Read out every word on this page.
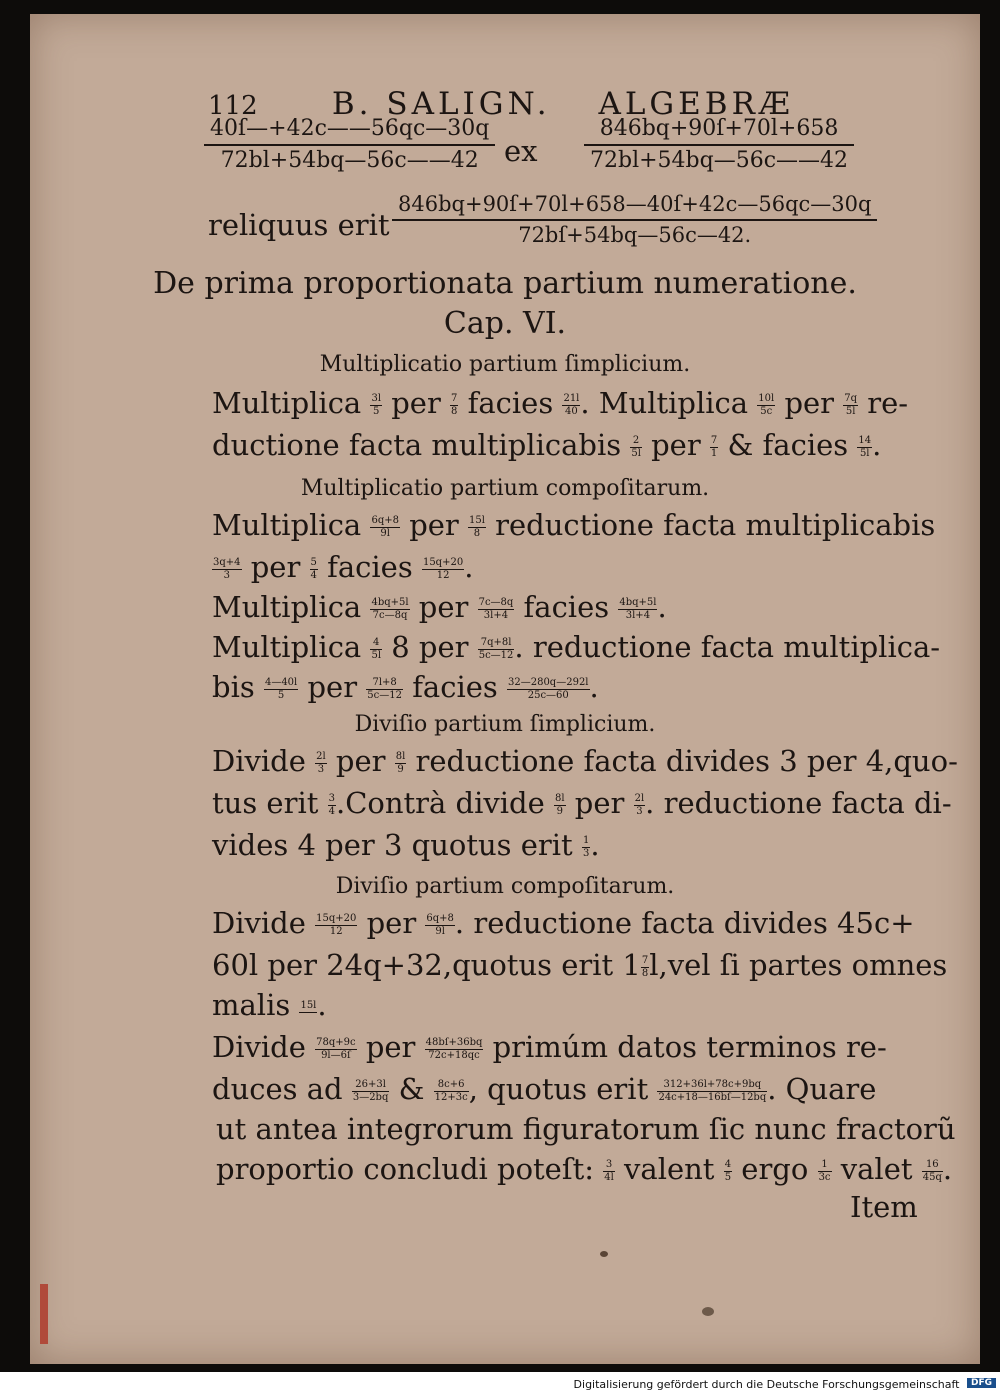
112 B. SALIGN. ALGEBRÆ
$\frac{40ſ—+42c——56qc—30q}{72bl+54bq—56c——42}$ ex $\frac{846bq+90ſ+70l+658}{72bl+54bq—56c——42}$
reliquus erit $\frac{846bq+90ſ+70l+658—40ſ+42c—56qc—30q}{72bſ+54bq—56c—42.}$
De prima proportionata partium numeratione.
Cap. VI.
Multiplicatio partium ſimplicium.
Multiplica $\frac{3l}{5}$ per $\frac{7}{8}$ facies $\frac{21l}{40}$ . Multiplica $\frac{10l}{5c}$ per $\frac{7q}{5l} re-$
ductione facta multiplicabis $\frac{2}{5l}$ per $\frac{7}{1}$ & facies $\frac{14}{5l}$ .
Multiplicatio partium compoſitarum.
Multiplica $\frac{6q+8}{9l}$ per $\frac{15l}{8}$ reductione facta multiplicabis
$\frac{3q+4}{3}$ per $\frac{5}{4}$ facies $\frac{15q+20}{12}$ .
Multiplica $\frac{4bq+5l}{7c—8q}$ per $\frac{7c—8q}{3l+4}$ facies $\frac{4bq+5l}{3l+4}$ .
Multiplica $\frac{4}{5l} 8$ per $\frac{7q+8l}{5c—12}$ . reductione facta multiplica-
bis $\frac{4—40l}{5}$ per $\frac{7l+8}{5c—12}$ facies $\frac{32—280q—292l}{25c—60}$ .
Diviſio partium ſimplicium.
Divide $\frac{2l}{3}$ per $\frac{8l}{9}$ reductione facta divides 3 per 4,quo-
tus erit $\frac{3}{4}$ .Contrà divide $\frac{8l}{9}$ per $\frac{2l}{3}$ . reductione facta di-
vides 4 per 3 quotus erit $\frac{1}{3}$ .
Diviſio partium compoſitarum.
Divide $\frac{15q+20}{12}$ per $\frac{6q+8}{9l}$ . reductione facta divides 45c+
60l per 24q+32,quotus erit $1 \frac{7}{8} l,vel$ ſi partes omnes
malis 15l .
Divide $\frac{78q+9c}{9l—6ſ}$ per $\frac{48bſ+36bq}{72c+18qc}$ primúm datos terminos re-
duces ad $\frac{26+3l}{3—2bq}$ & $\frac{8c+6}{12+3c}$ , quotus erit $\frac{312+36l+78c+9bq}{24c+18—16bſ—12bq}$ . Quare
ut antea integrorum figuratorum ſic nunc fractorũ
proportio concludi poteſt: $\frac{3}{4l}$ valent $\frac{4}{5}$ ergo $\frac{1}{3c}$ valet $\frac{16}{45q}$ .
Item
Digitalisierung gefördert durch die Deutsche Forschungsgemeinschaft DFG
